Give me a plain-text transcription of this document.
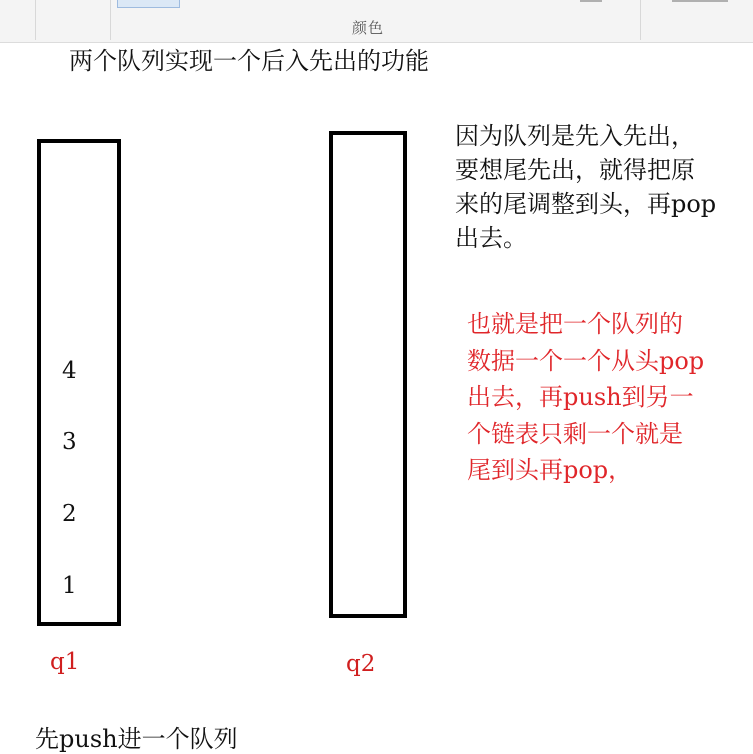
颜色
两个队列实现一个后入先出的功能
4
3
2
1
q1	q2
因为队列是先入先出，
要想尾先出，就得把原
来的尾调整到头，再pop
出去。
也就是把一个队列的
数据一个一个从头pop
出去，再push到另一
个链表只剩一个就是
尾到头再pop，
先push进一个队列
